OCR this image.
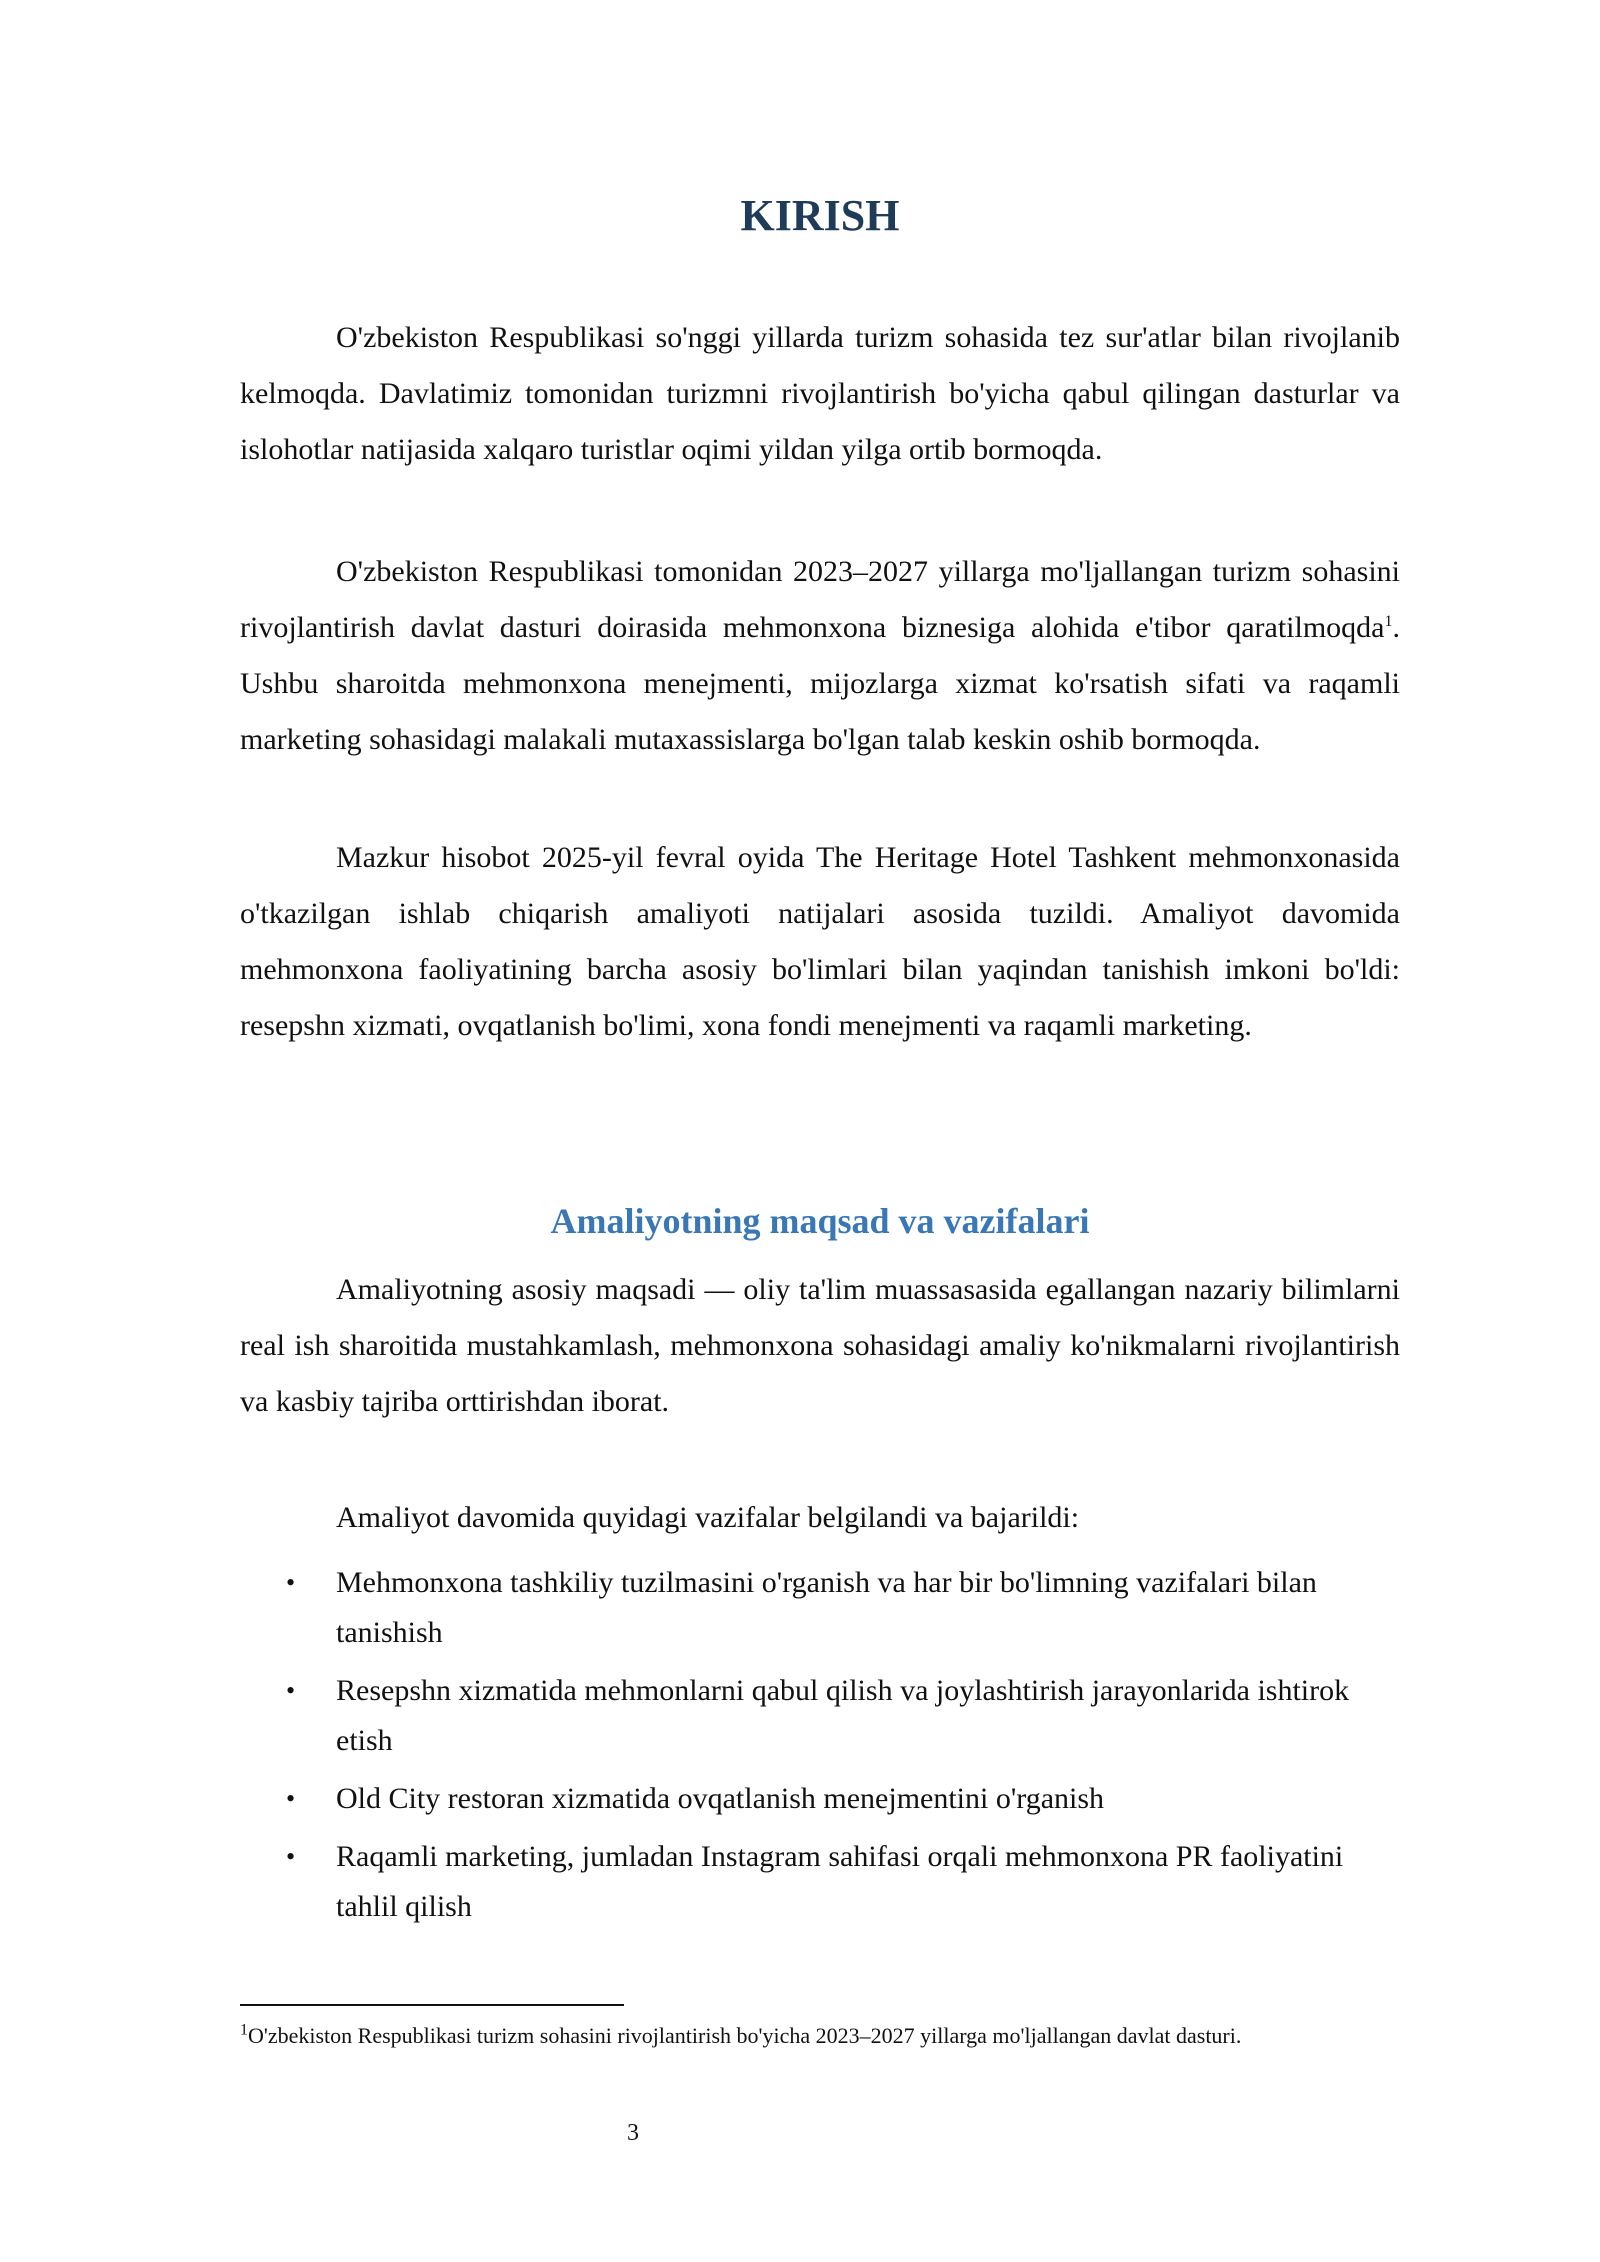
KIRISH

O'zbekiston Respublikasi so'nggi yillarda turizm sohasida tez sur'atlar bilan rivojlanib kelmoqda. Davlatimiz tomonidan turizmni rivojlantirish bo'yicha qabul qilingan dasturlar va islohotlar natijasida xalqaro turistlar oqimi yildan yilga ortib bormoqda.

O'zbekiston Respublikasi tomonidan 2023–2027 yillarga mo'ljallangan turizm sohasini rivojlantirish davlat dasturi doirasida mehmonxona biznesiga alohida e'tibor qaratilmoqda$^1$. Ushbu sharoitda mehmonxona menejmenti, mijozlarga xizmat ko'rsatish sifati va raqamli marketing sohasidagi malakali mutaxassislarga bo'lgan talab keskin oshib bormoqda.

Mazkur hisobot 2025-yil fevral oyida The Heritage Hotel Tashkent mehmonxonasida o'tkazilgan ishlab chiqarish amaliyoti natijalari asosida tuzildi. Amaliyot davomida mehmonxona faoliyatining barcha asosiy bo'limlari bilan yaqindan tanishish imkoni bo'ldi: resepshn xizmati, ovqatlanish bo'limi, xona fondi menejmenti va raqamli marketing.

Amaliyotning maqsad va vazifalari

Amaliyotning asosiy maqsadi — oliy ta'lim muassasasida egallangan nazariy bilimlarni real ish sharoitida mustahkamlash, mehmonxona sohasidagi amaliy ko'nikmalarni rivojlantirish va kasbiy tajriba orttirishdan iborat.

Amaliyot davomida quyidagi vazifalar belgilandi va bajarildi:

• Mehmonxona tashkiliy tuzilmasini o'rganish va har bir bo'limning vazifalari bilan tanishish
• Resepshn xizmatida mehmonlarni qabul qilish va joylashtirish jarayonlarida ishtirok etish
• Old City restoran xizmatida ovqatlanish menejmentini o'rganish
• Raqamli marketing, jumladan Instagram sahifasi orqali mehmonxona PR faoliyatini tahlil qilish

$^1$O'zbekiston Respublikasi turizm sohasini rivojlantirish bo'yicha 2023–2027 yillarga mo'ljallangan davlat dasturi.

3
